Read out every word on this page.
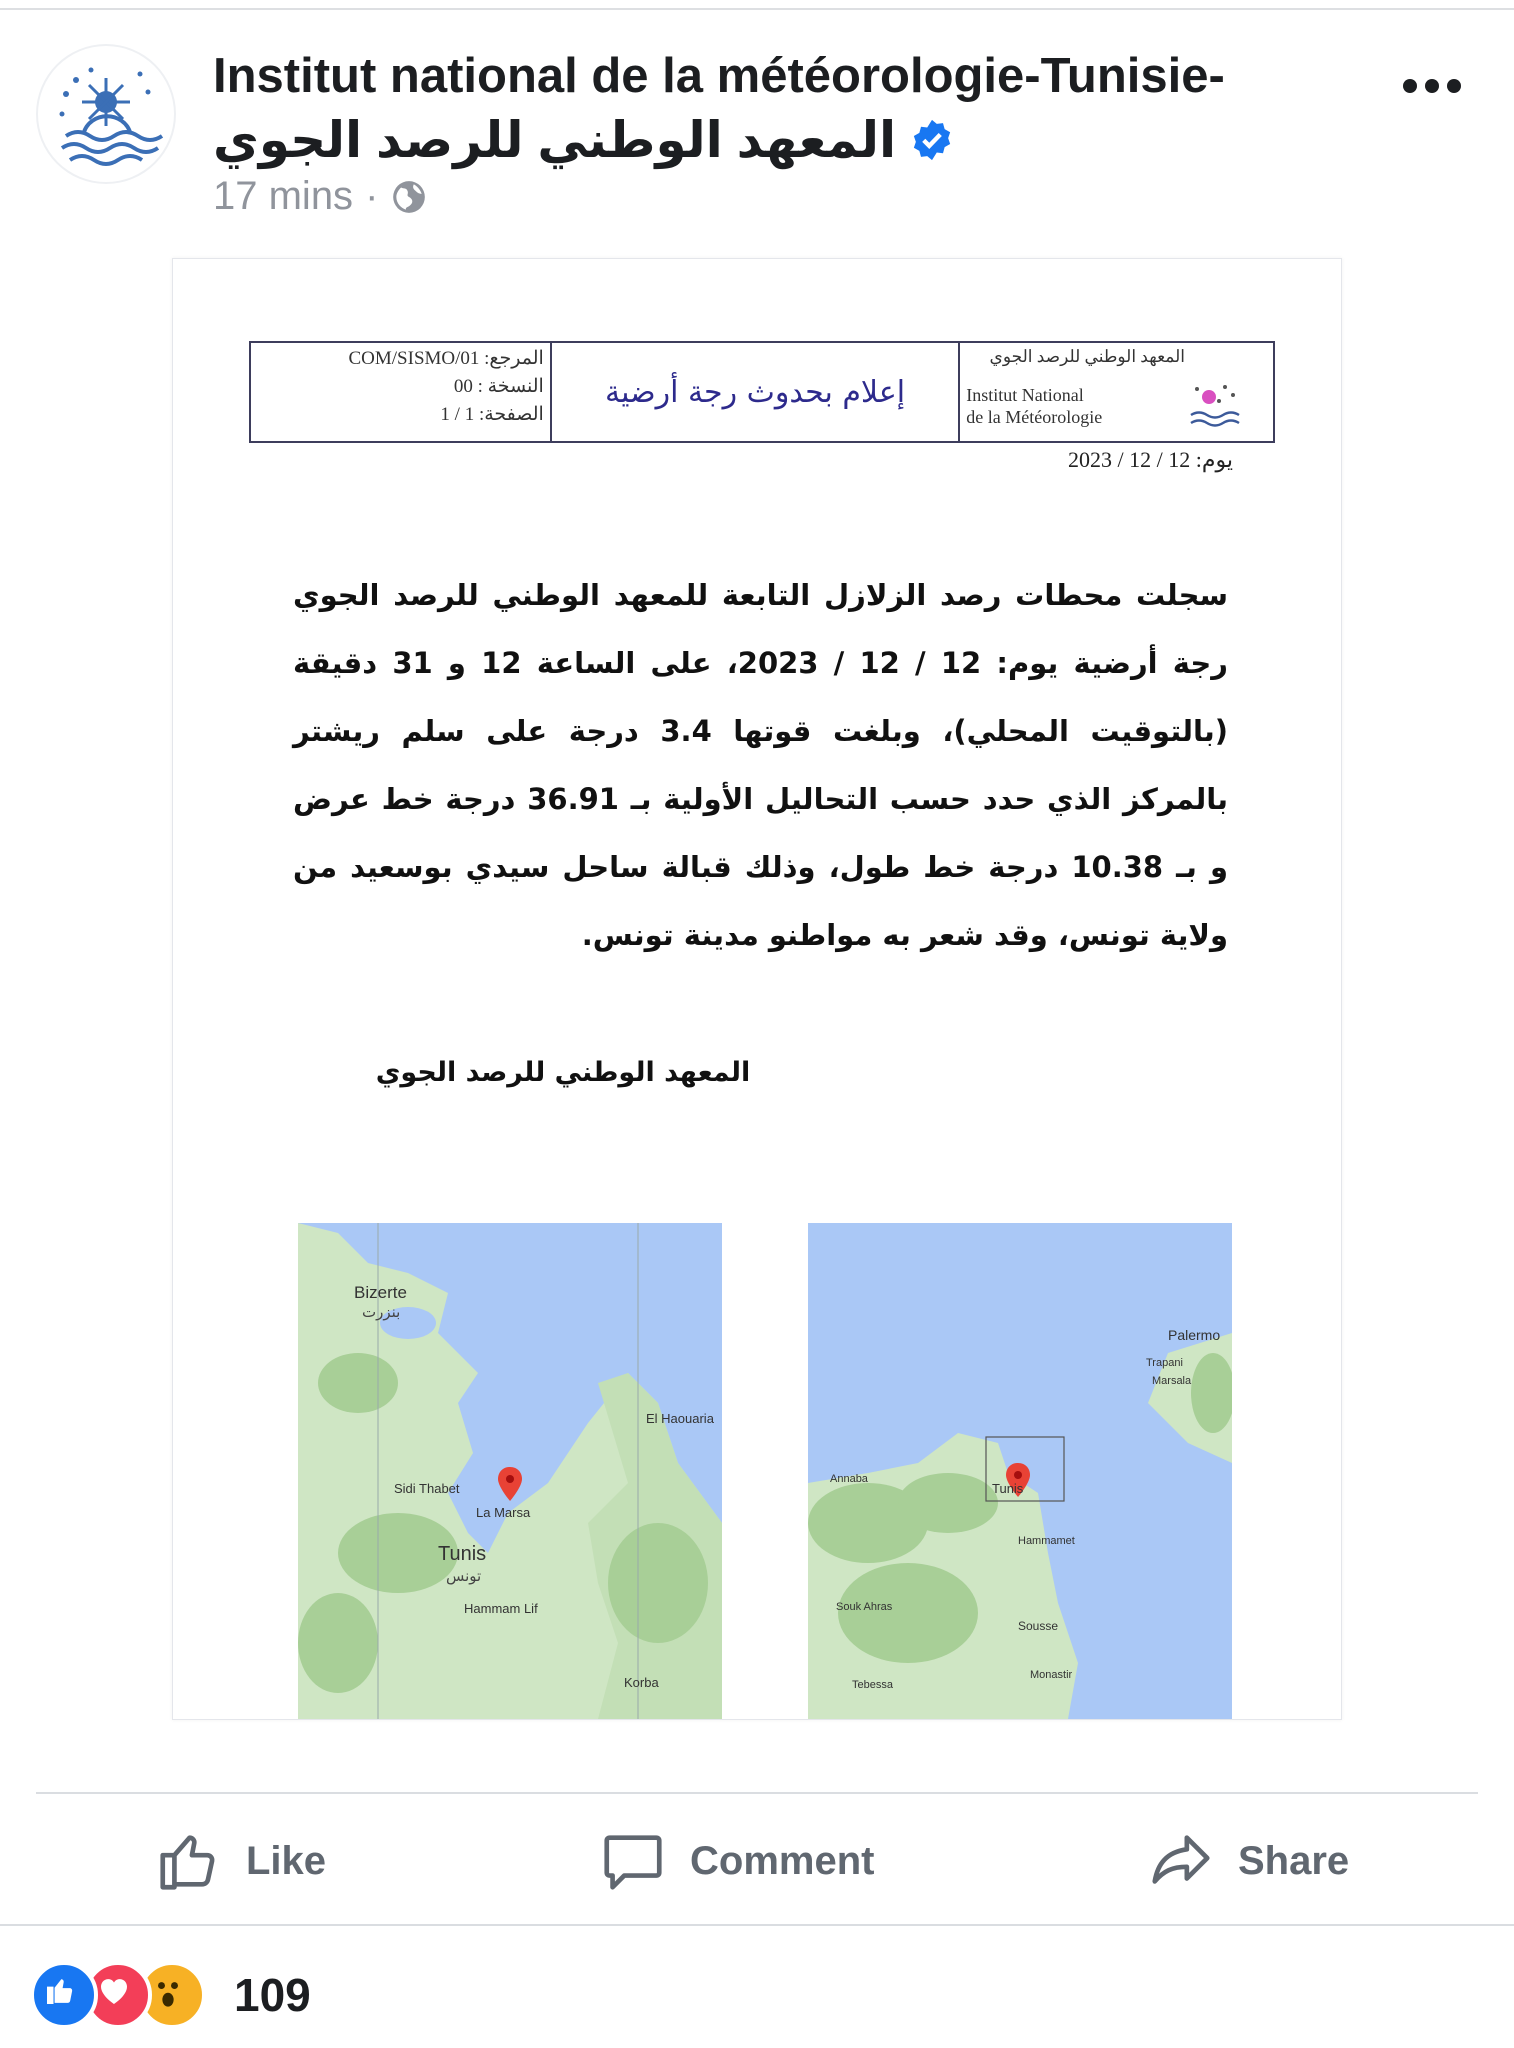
Institut national de la météorologie-Tunisie-
المعهد الوطني للرصد الجوي
17 mins ·
المرجع: COM/SISMO/01
النسخة : 00
الصفحة: 1 / 1
إعلام بحدوث رجة أرضية
المعهد الوطني للرصد الجوي
Institut National
de la Météorologie
يوم: 12 / 12 / 2023
سجلت محطات رصد الزلازل التابعة للمعهد الوطني للرصد الجوي رجة أرضية يوم: 12 / 12 / 2023، على الساعة 12 و 31 دقيقة (بالتوقيت المحلي)، وبلغت قوتها 3.4 درجة على سلم ريشتر بالمركز الذي حدد حسب التحاليل الأولية بـ 36.91 درجة خط عرض و بـ 10.38 درجة خط طول، وذلك قبالة ساحل سيدي بوسعيد من ولاية تونس، وقد شعر به مواطنو مدينة تونس.
المعهد الوطني للرصد الجوي
Bizerte
بنزرت
Tunis
تونس
La Marsa
Sidi Thabet
El Haouaria
Hammam Lif
Korba
Palermo
Trapani
Marsala
Tunis
Hammamet
Sousse
Monastir
Annaba
Souk Ahras
Tebessa
Like	Comment	Share
109
